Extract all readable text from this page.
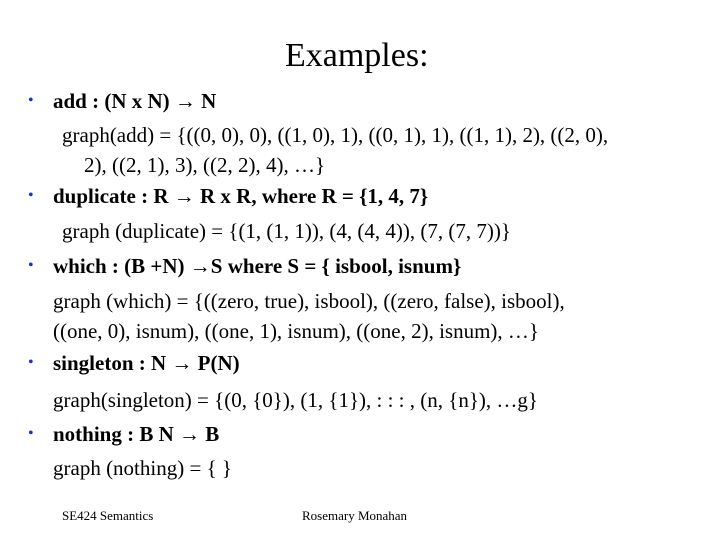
Examples:
• add : (N x N) → N
graph(add) = {((0, 0), 0), ((1, 0), 1), ((0, 1), 1), ((1, 1), 2), ((2, 0),
2), ((2, 1), 3), ((2, 2), 4), …}
• duplicate : R → R x R, where R = {1, 4, 7}
graph (duplicate) = {(1, (1, 1)), (4, (4, 4)), (7, (7, 7))}
• which : (B +N) →S where S = { isbool, isnum}
graph (which) = {((zero, true), isbool), ((zero, false), isbool),
((one, 0), isnum), ((one, 1), isnum), ((one, 2), isnum), …}
• singleton : N → P(N)
graph(singleton) = {(0, {0}), (1, {1}), : : : , (n, {n}), …g}
• nothing : B N → B
graph (nothing) = { }
SE424 Semantics	Rosemary Monahan
